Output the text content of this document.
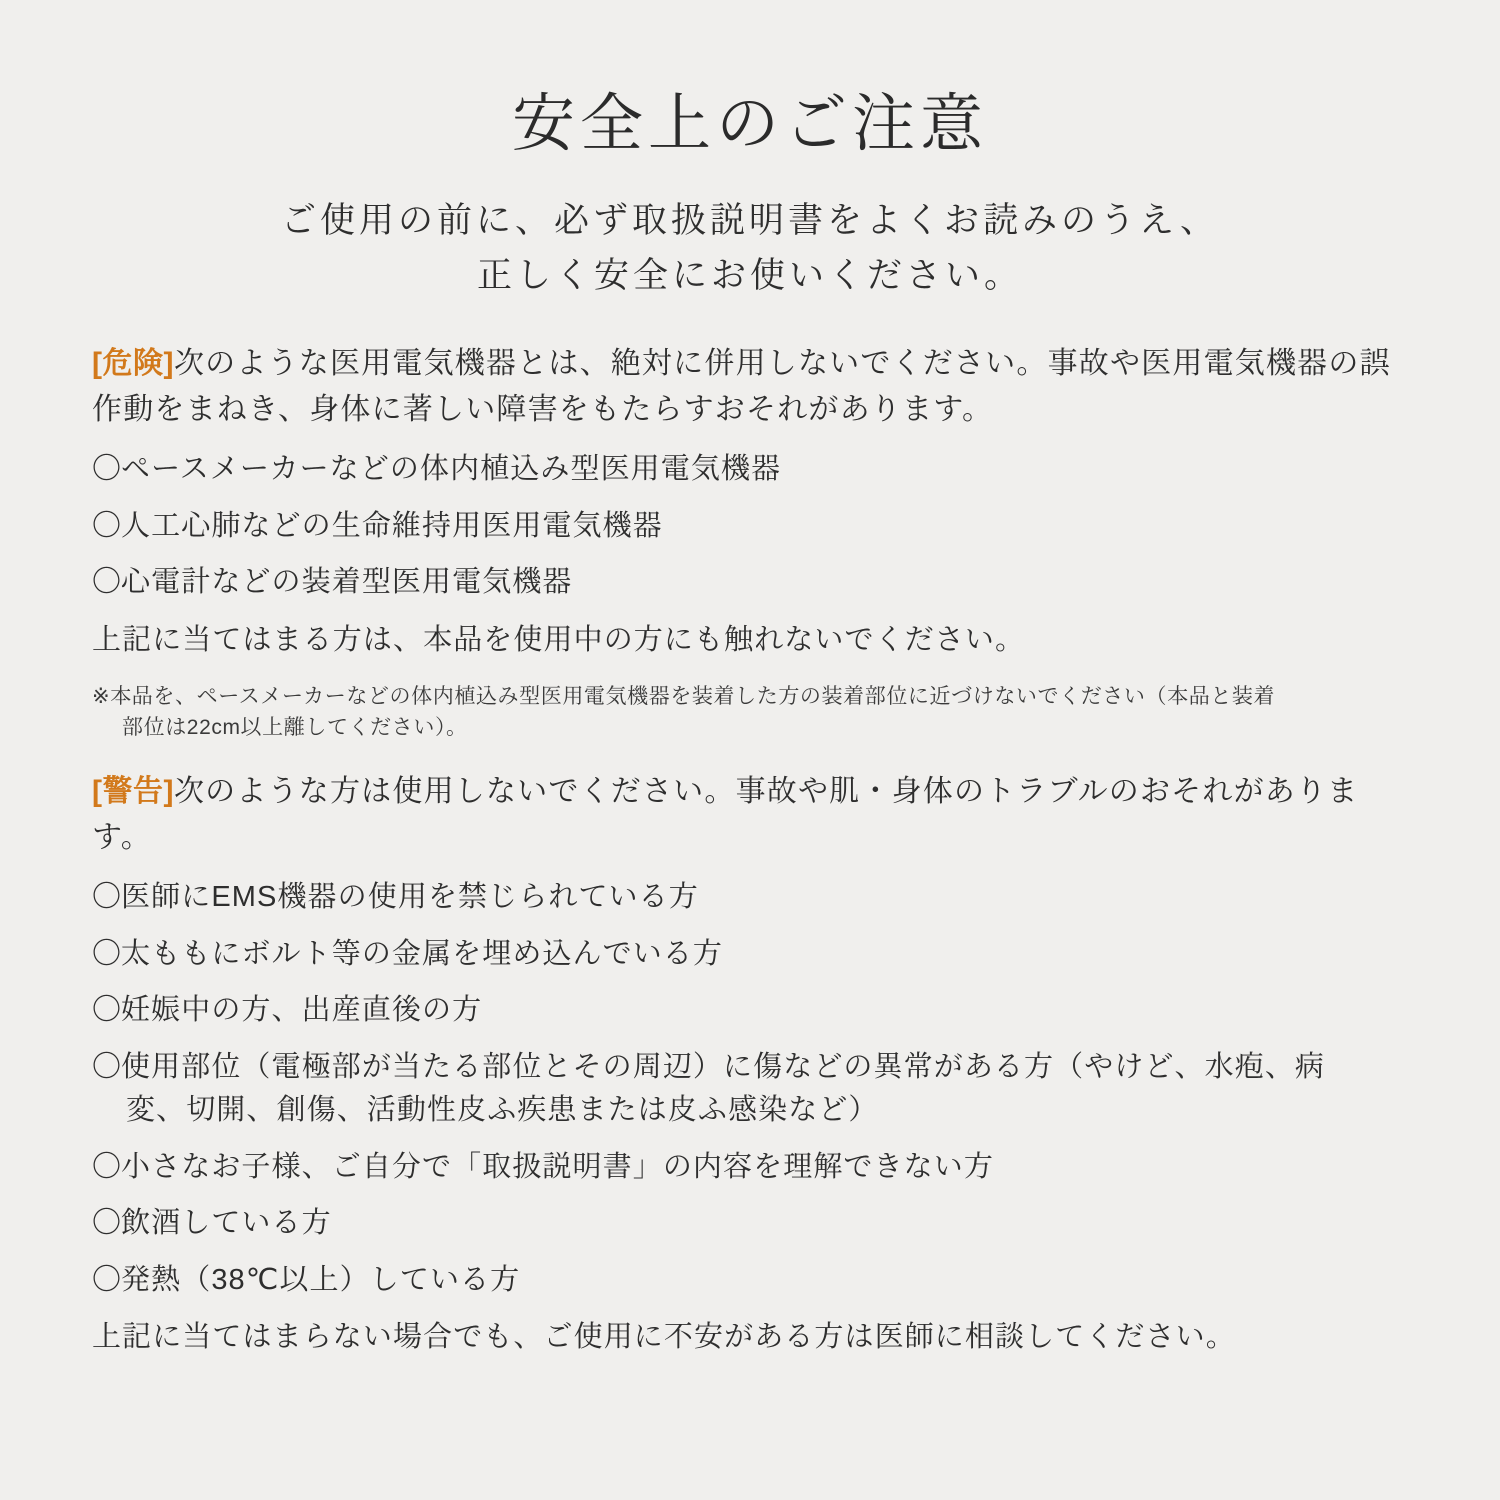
安全上のご注意
ご使用の前に、必ず取扱説明書をよくお読みのうえ、
正しく安全にお使いください。

[危険]次のような医用電気機器とは、絶対に併用しないでください。事故や医用電気機器の誤作動をまねき、身体に著しい障害をもたらすおそれがあります。

〇ペースメーカーなどの体内植込み型医用電気機器

〇人工心肺などの生命維持用医用電気機器

〇心電計などの装着型医用電気機器

上記に当てはまる方は、本品を使用中の方にも触れないでください。

※本品を、ペースメーカーなどの体内植込み型医用電気機器を装着した方の装着部位に近づけないでください（本品と装着
部位は22cm以上離してください）。

[警告]次のような方は使用しないでください。事故や肌・身体のトラブルのおそれがあります。

〇医師にEMS機器の使用を禁じられている方

〇太ももにボルト等の金属を埋め込んでいる方

〇妊娠中の方、出産直後の方

〇使用部位（電極部が当たる部位とその周辺）に傷などの異常がある方（やけど、水疱、病
変、切開、創傷、活動性皮ふ疾患または皮ふ感染など）

〇小さなお子様、ご自分で「取扱説明書」の内容を理解できない方

〇飲酒している方

〇発熱（38℃以上）している方

上記に当てはまらない場合でも、ご使用に不安がある方は医師に相談してください。
